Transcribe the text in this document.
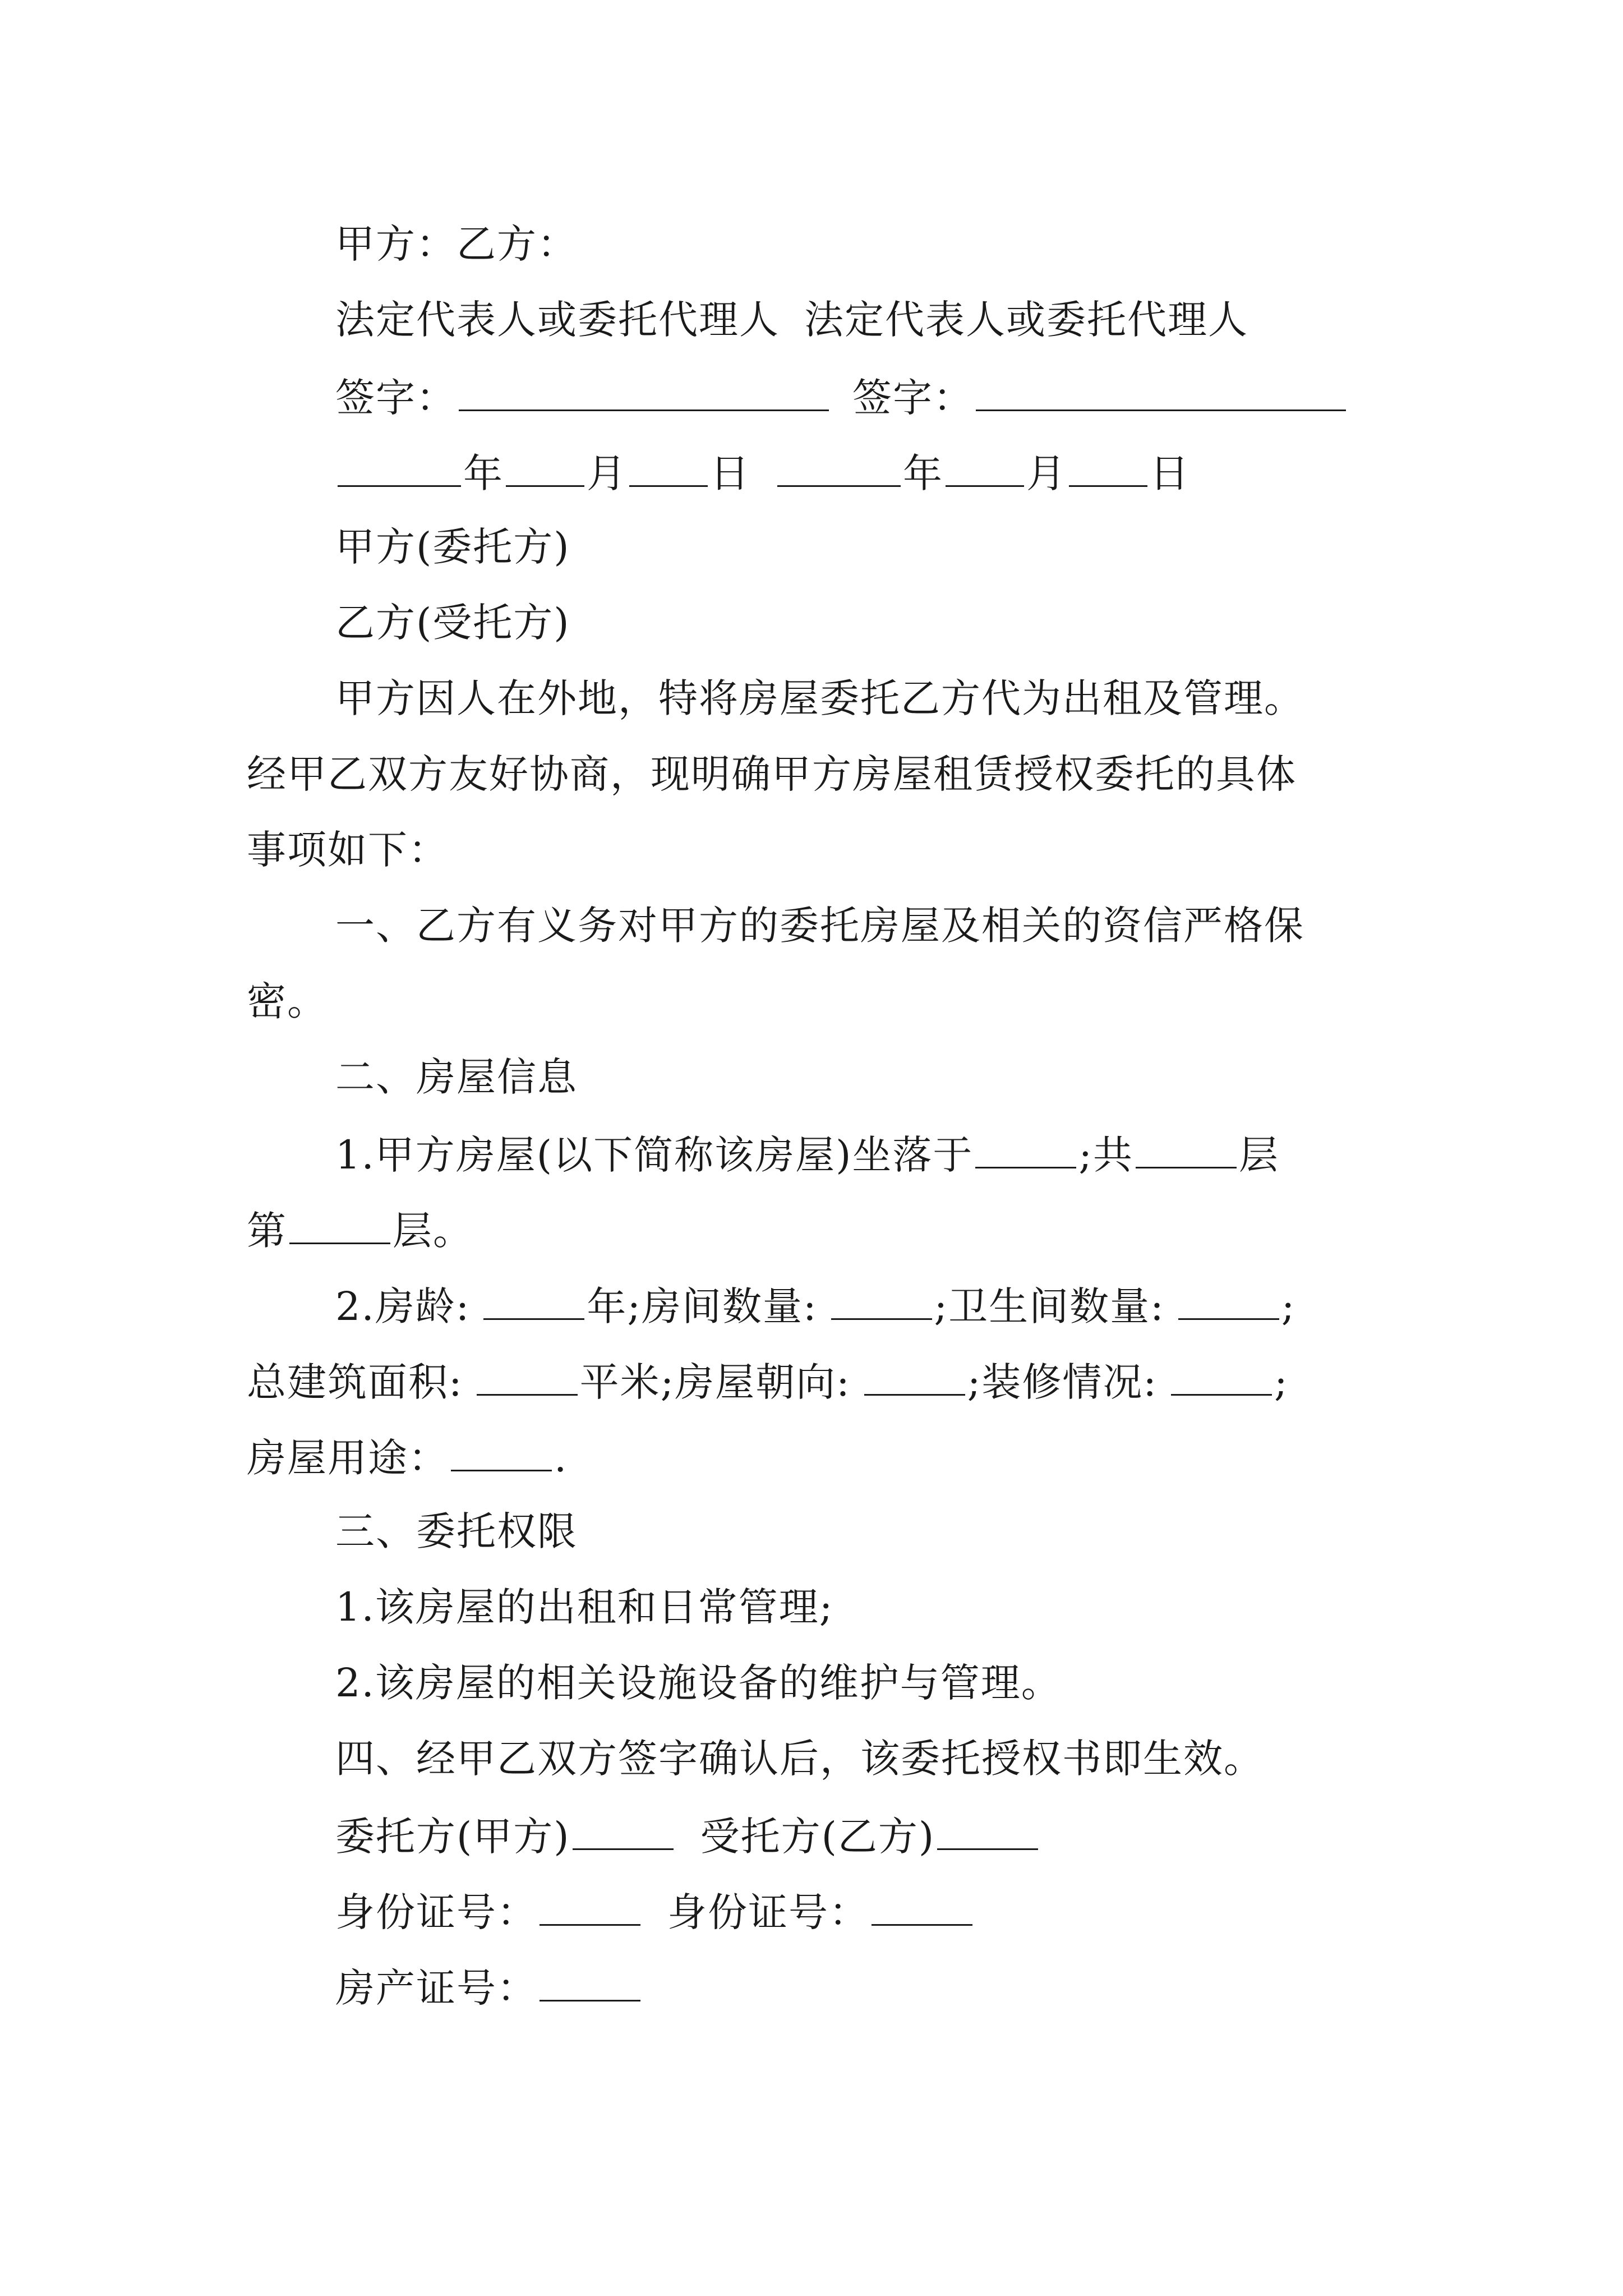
甲方：乙方：
法定代表人或委托代理人 法定代表人或委托代理人
签字：	签字：
年 月 日	年 月 日
甲方(委托方)
乙方(受托方)
甲方因人在外地，特将房屋委托乙方代为出租及管理。
经甲乙双方友好协商，现明确甲方房屋租赁授权委托的具体
事项如下：
一、乙方有义务对甲方的委托房屋及相关的资信严格保
密。
二、房屋信息
1.甲方房屋(以下简称该房屋)坐落于	;共	层
第	层。
2.房龄:	年;房间数量:	;卫生间数量:	;
总建筑面积:	平米;房屋朝向:	;装修情况:	;
房屋用途：	.
三、委托权限
1.该房屋的出租和日常管理;
2.该房屋的相关设施设备的维护与管理。
四、经甲乙双方签字确认后，该委托授权书即生效。
委托方(甲方)	受托方(乙方)
身份证号：	身份证号：
房产证号：
